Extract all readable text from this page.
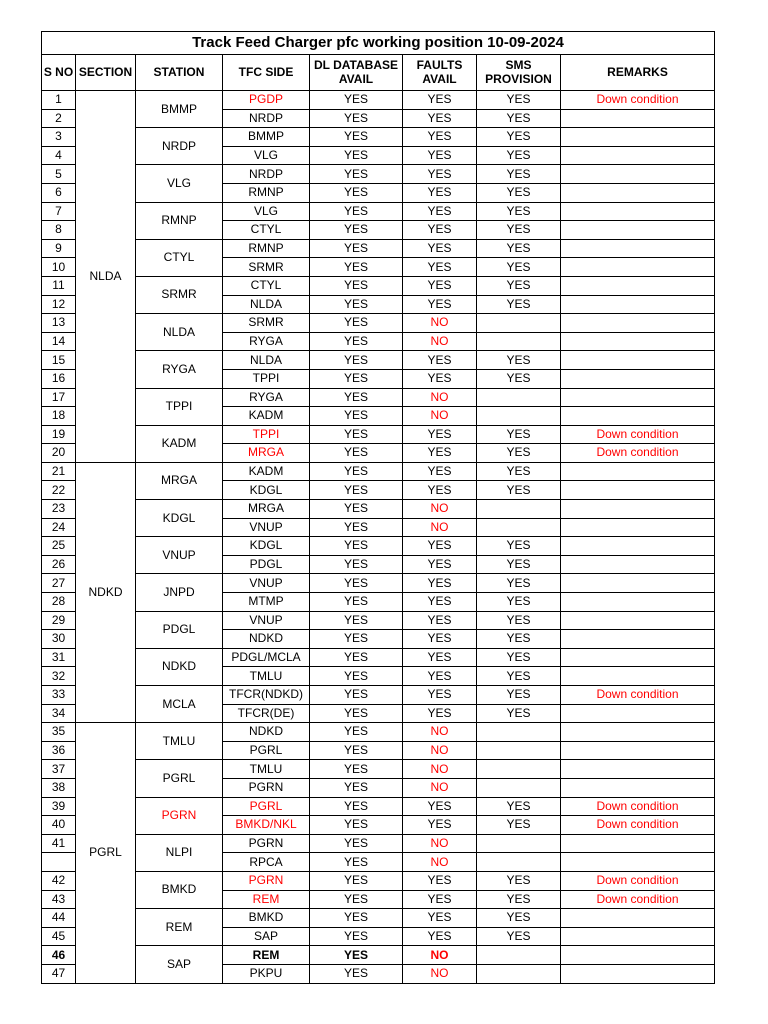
Track Feed Charger pfc working position 10-09-2024							
S NO	SECTION	STATION	TFC SIDE	DL DATABASE AVAIL	FAULTS AVAIL	SMS PROVISION	REMARKS
1	NLDA	BMMP	PGDP	YES	YES	YES	Down condition
2			NRDP	YES	YES	YES	
3		NRDP	BMMP	YES	YES	YES	
4			VLG	YES	YES	YES	
5		VLG	NRDP	YES	YES	YES	
6			RMNP	YES	YES	YES	
7		RMNP	VLG	YES	YES	YES	
8			CTYL	YES	YES	YES	
9		CTYL	RMNP	YES	YES	YES	
10			SRMR	YES	YES	YES	
11		SRMR	CTYL	YES	YES	YES	
12			NLDA	YES	YES	YES	
13		NLDA	SRMR	YES	NO		
14			RYGA	YES	NO		
15		RYGA	NLDA	YES	YES	YES	
16			TPPI	YES	YES	YES	
17		TPPI	RYGA	YES	NO		
18			KADM	YES	NO		
19		KADM	TPPI	YES	YES	YES	Down condition
20			MRGA	YES	YES	YES	Down condition
21	NDKD	MRGA	KADM	YES	YES	YES	
22			KDGL	YES	YES	YES	
23		KDGL	MRGA	YES	NO		
24			VNUP	YES	NO		
25		VNUP	KDGL	YES	YES	YES	
26			PDGL	YES	YES	YES	
27		JNPD	VNUP	YES	YES	YES	
28			MTMP	YES	YES	YES	
29		PDGL	VNUP	YES	YES	YES	
30			NDKD	YES	YES	YES	
31		NDKD	PDGL/MCLA	YES	YES	YES	
32			TMLU	YES	YES	YES	
33		MCLA	TFCR(NDKD)	YES	YES	YES	Down condition
34			TFCR(DE)	YES	YES	YES	
35	PGRL	TMLU	NDKD	YES	NO		
36			PGRL	YES	NO		
37		PGRL	TMLU	YES	NO		
38			PGRN	YES	NO		
39		PGRN	PGRL	YES	YES	YES	Down condition
40			BMKD/NKL	YES	YES	YES	Down condition
41		NLPI	PGRN	YES	NO		
			RPCA	YES	NO		
42		BMKD	PGRN	YES	YES	YES	Down condition
43			REM	YES	YES	YES	Down condition
44		REM	BMKD	YES	YES	YES	
45			SAP	YES	YES	YES	
46		SAP	REM	YES	NO		
47			PKPU	YES	NO		
